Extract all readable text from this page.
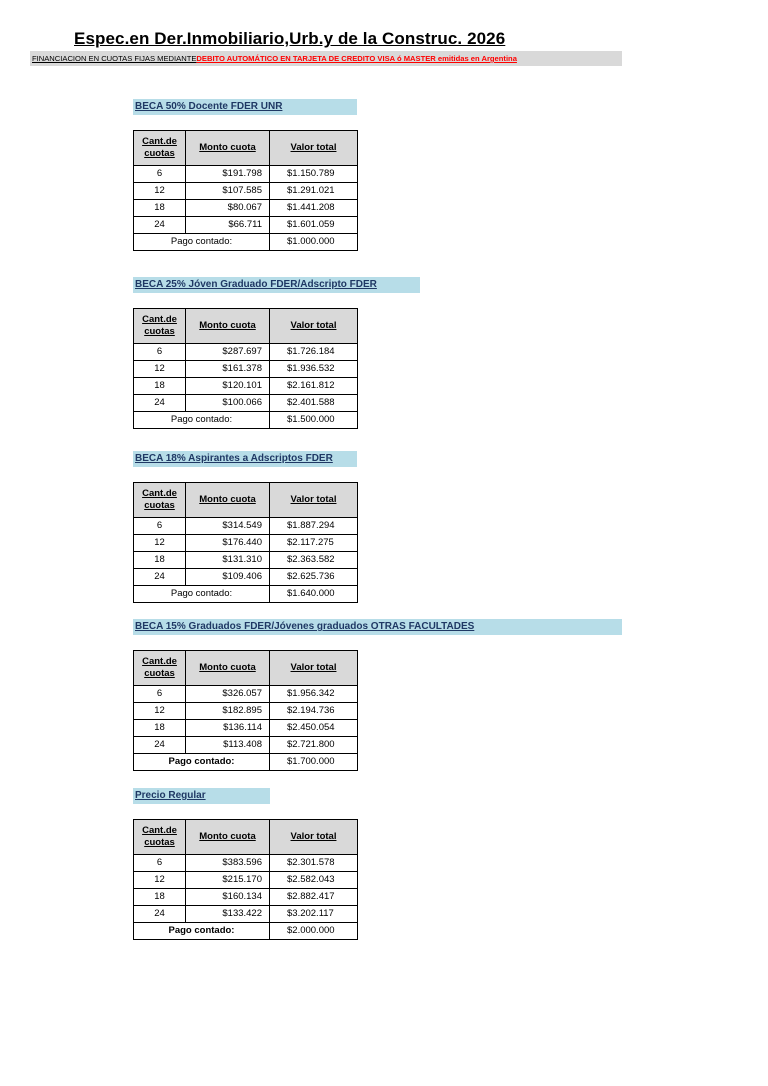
Espec.en Der.Inmobiliario,Urb.y de la Construc. 2026
FINANCIACION EN CUOTAS FIJAS MEDIANTEDEBITO AUTOMÁTICO EN TARJETA DE CREDITO VISA ó MASTER emitidas en Argentina
BECA 50% Docente FDER UNR
Cant.de cuotas	Monto cuota	Valor total
6	$191.798	$1.150.789
12	$107.585	$1.291.021
18	$80.067	$1.441.208
24	$66.711	$1.601.059
Pago contado:		$1.000.000
BECA 25% Jóven Graduado FDER/Adscripto FDER
Cant.de cuotas	Monto cuota	Valor total
6	$287.697	$1.726.184
12	$161.378	$1.936.532
18	$120.101	$2.161.812
24	$100.066	$2.401.588
Pago contado:		$1.500.000
BECA 18% Aspirantes a Adscriptos FDER
Cant.de cuotas	Monto cuota	Valor total
6	$314.549	$1.887.294
12	$176.440	$2.117.275
18	$131.310	$2.363.582
24	$109.406	$2.625.736
Pago contado:		$1.640.000
BECA 15% Graduados FDER/Jóvenes graduados OTRAS FACULTADES
Cant.de cuotas	Monto cuota	Valor total
6	$326.057	$1.956.342
12	$182.895	$2.194.736
18	$136.114	$2.450.054
24	$113.408	$2.721.800
Pago contado:		$1.700.000
Precio Regular
Cant.de cuotas	Monto cuota	Valor total
6	$383.596	$2.301.578
12	$215.170	$2.582.043
18	$160.134	$2.882.417
24	$133.422	$3.202.117
Pago contado:		$2.000.000
